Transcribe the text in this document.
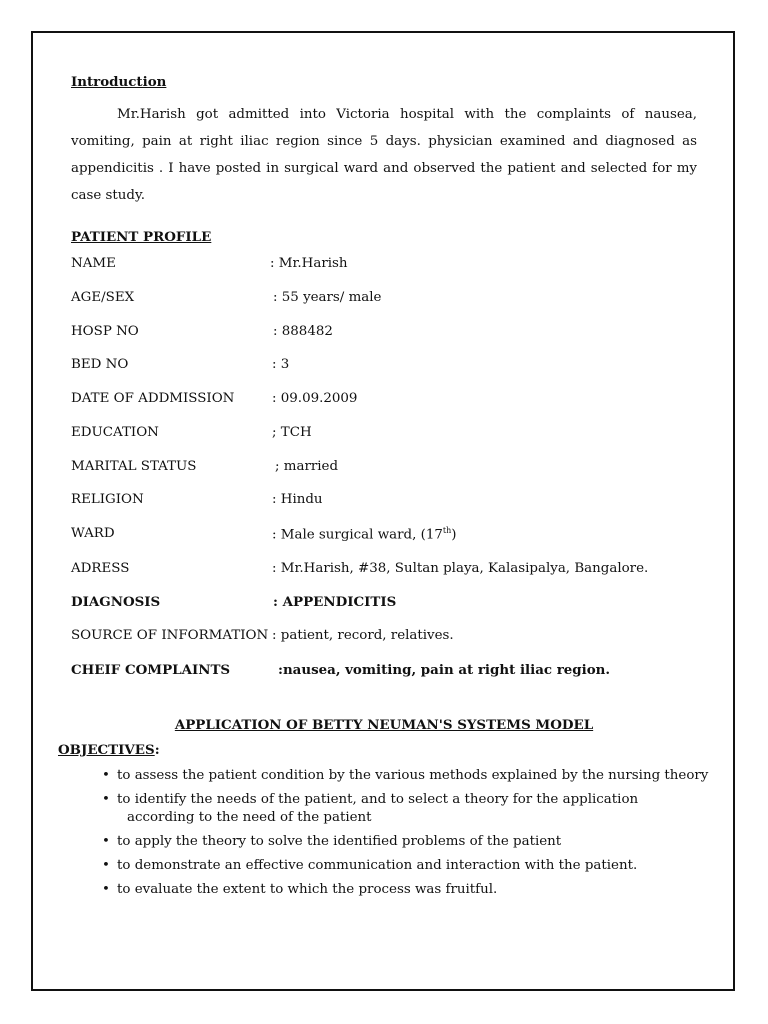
Introduction
Mr.Harish got admitted into Victoria hospital with the complaints of nausea, vomiting, pain at right iliac region since 5 days. physician examined and diagnosed as appendicitis . I have posted in surgical ward and observed the patient and selected for my case study.
PATIENT PROFILE
NAME	: Mr.Harish
AGE/SEX	: 55 years/ male
HOSP NO	: 888482
BED NO	: 3
DATE OF ADDMISSION	: 09.09.2009
EDUCATION	; TCH
MARITAL STATUS	; married
RELIGION	: Hindu
WARD	: Male surgical ward, (17th)
ADRESS	: Mr.Harish, #38, Sultan playa, Kalasipalya, Bangalore.
DIAGNOSIS	: APPENDICITIS
SOURCE OF INFORMATION : patient, record, relatives.
CHEIF COMPLAINTS	:nausea, vomiting, pain at right iliac region.
APPLICATION OF BETTY NEUMAN'S SYSTEMS MODEL
OBJECTIVES:
• to assess the patient condition by the various methods explained by the nursing theory
• to identify the needs of the patient, and to select a theory for the application according to the need of the patient
• to apply the theory to solve the identified problems of the patient
• to demonstrate an effective communication and interaction with the patient.
• to evaluate the extent to which the process was fruitful.
